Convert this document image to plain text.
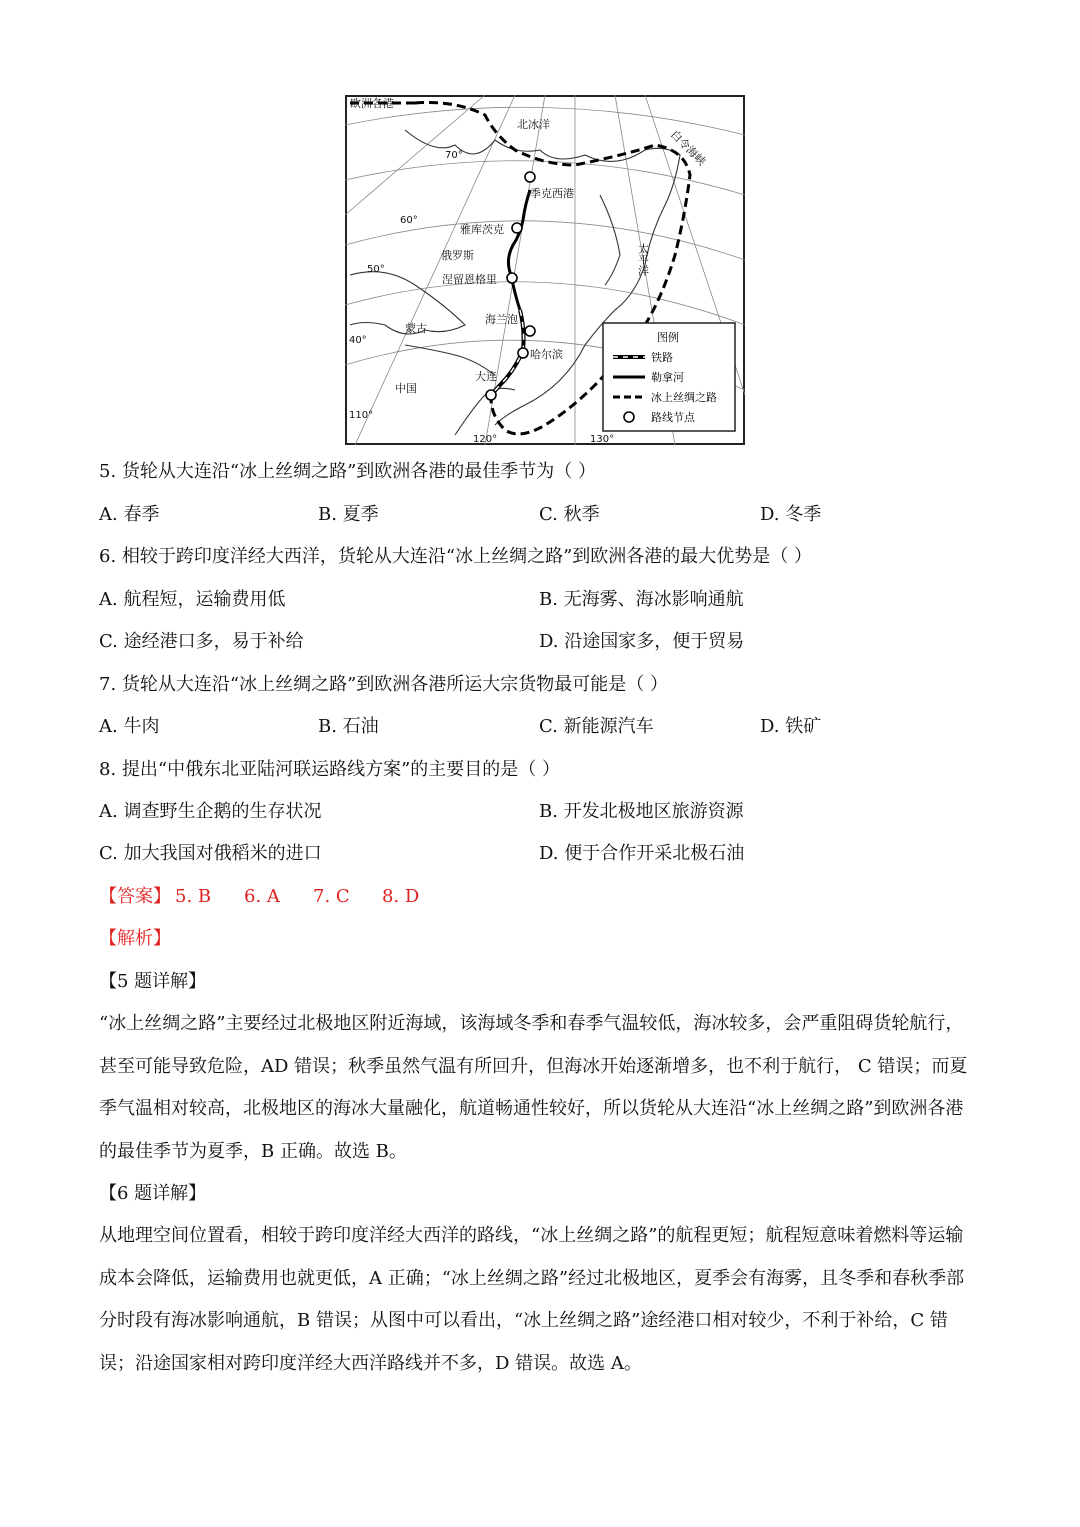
欧洲各港
北冰洋
白令海峡
季克西港
雅库茨克
俄罗斯
涅留恩格里
海兰泡
哈尔滨
蒙古
中国
大连
太平洋
70°
60°
50°
40°
110°
120°	130°
图例
铁路
勒拿河
冰上丝绸之路
路线节点
5. 货轮从大连沿“冰上丝绸之路”到欧洲各港的最佳季节为（ ）
A. 春季	B. 夏季	C. 秋季	D. 冬季
6. 相较于跨印度洋经大西洋，货轮从大连沿“冰上丝绸之路”到欧洲各港的最大优势是（ ）
A. 航程短，运输费用低	B. 无海雾、海冰影响通航
C. 途经港口多，易于补给	D. 沿途国家多，便于贸易
7. 货轮从大连沿“冰上丝绸之路”到欧洲各港所运大宗货物最可能是（ ）
A. 牛肉	B. 石油	C. 新能源汽车	D. 铁矿
8. 提出“中俄东北亚陆河联运路线方案”的主要目的是（ ）
A. 调查野生企鹅的生存状况	B. 开发北极地区旅游资源
C. 加大我国对俄稻米的进口	D. 便于合作开采北极石油
【答案】 5. B 6. A 7. C 8. D
【解析】
【5 题详解】
“冰上丝绸之路”主要经过北极地区附近海域，该海域冬季和春季气温较低，海冰较多，会严重阻碍货轮航行，甚至可能导致危险，AD 错误；秋季虽然气温有所回升，但海冰开始逐渐增多，也不利于航行， C 错误；而夏季气温相对较高，北极地区的海冰大量融化，航道畅通性较好，所以货轮从大连沿“冰上丝绸之路”到欧洲各港的最佳季节为夏季，B 正确。故选 B。
【6 题详解】
从地理空间位置看，相较于跨印度洋经大西洋的路线，“冰上丝绸之路”的航程更短；航程短意味着燃料等运输成本会降低，运输费用也就更低，A 正确；“冰上丝绸之路”经过北极地区，夏季会有海雾，且冬季和春秋季部分时段有海冰影响通航，B 错误；从图中可以看出，“冰上丝绸之路”途经港口相对较少，不利于补给，C 错误；沿途国家相对跨印度洋经大西洋路线并不多，D 错误。故选 A。
